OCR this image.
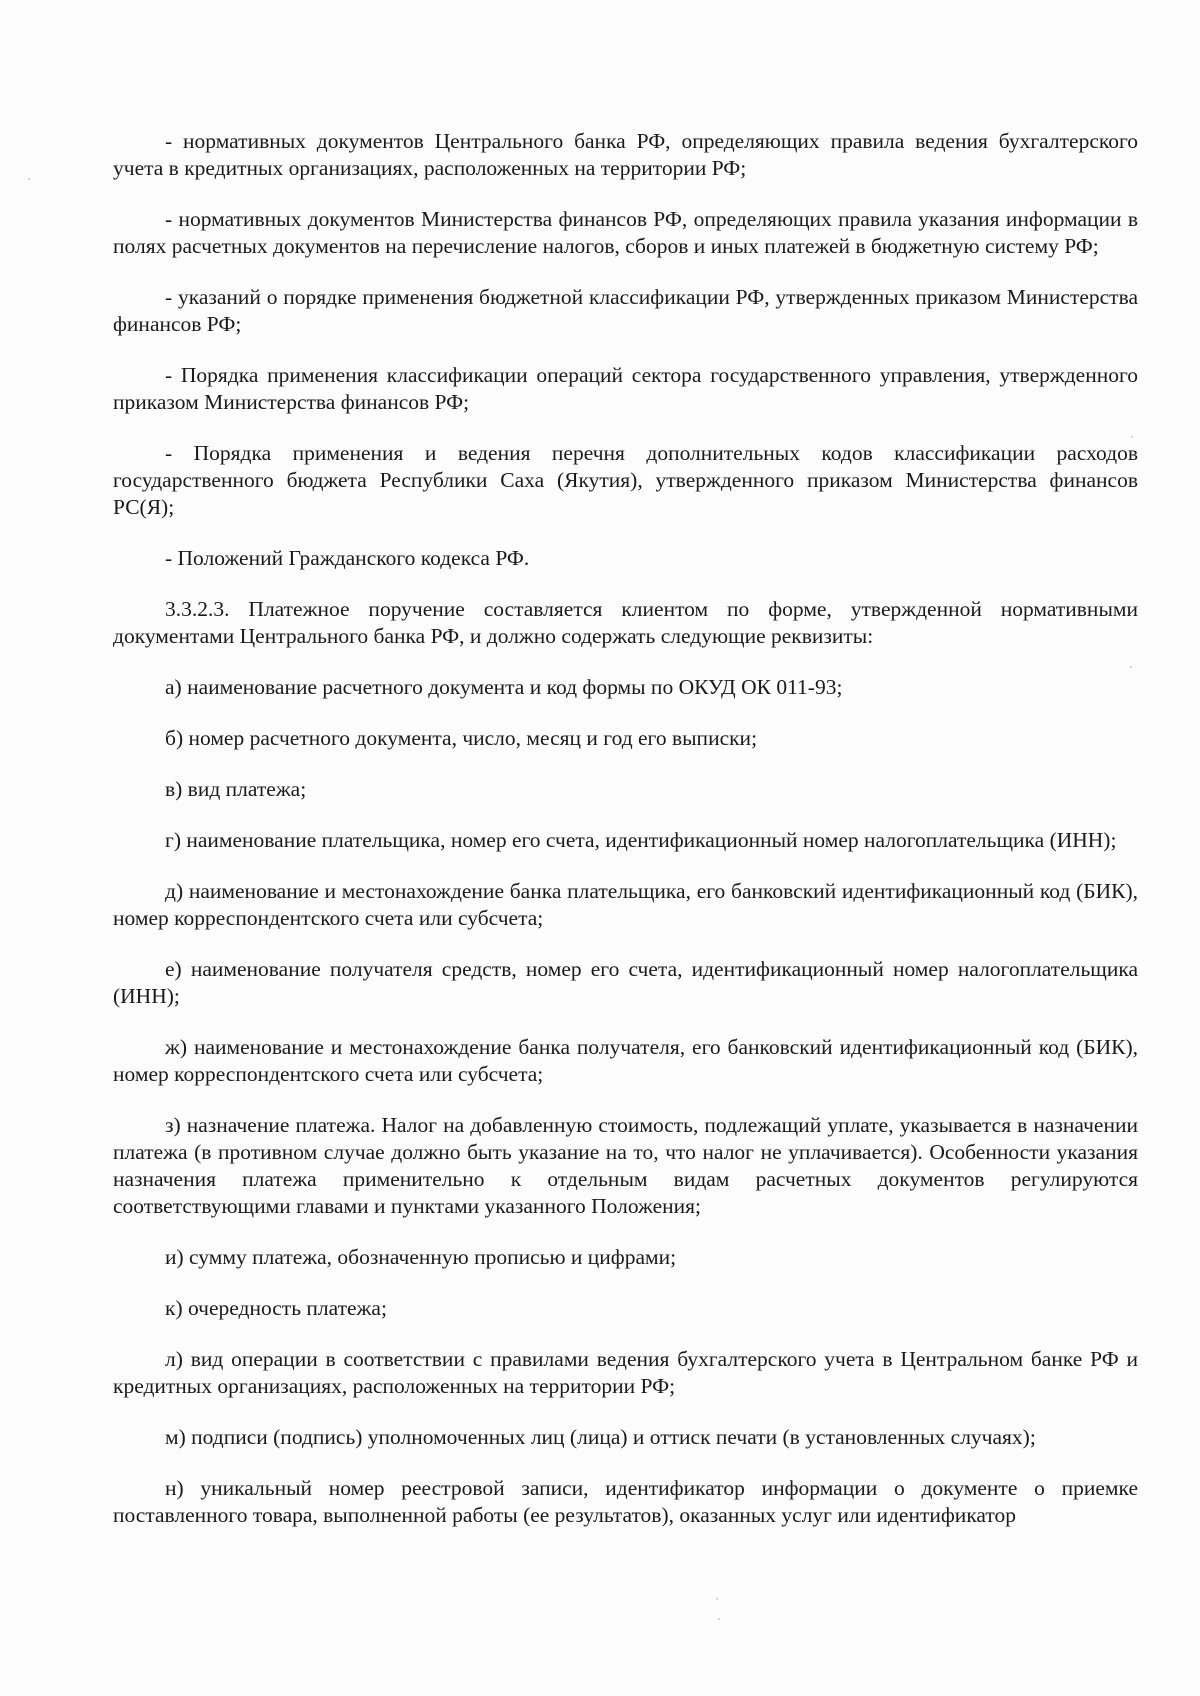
- нормативных документов Центрального банка РФ, определяющих правила ведения бухгалтерского учета в кредитных организациях, расположенных на территории РФ;

- нормативных документов Министерства финансов РФ, определяющих правила указания информации в полях расчетных документов на перечисление налогов, сборов и иных платежей в бюджетную систему РФ;

- указаний о порядке применения бюджетной классификации РФ, утвержденных приказом Министерства финансов РФ;

- Порядка применения классификации операций сектора государственного управления, утвержденного приказом Министерства финансов РФ;

- Порядка применения и ведения перечня дополнительных кодов классификации расходов государственного бюджета Республики Саха (Якутия), утвержденного приказом Министерства финансов РС(Я);

- Положений Гражданского кодекса РФ.

3.3.2.3. Платежное поручение составляется клиентом по форме, утвержденной нормативными документами Центрального банка РФ, и должно содержать следующие реквизиты:

а) наименование расчетного документа и код формы по ОКУД ОК 011-93;

б) номер расчетного документа, число, месяц и год его выписки;

в) вид платежа;

г) наименование плательщика, номер его счета, идентификационный номер налогоплательщика (ИНН);

д) наименование и местонахождение банка плательщика, его банковский идентификационный код (БИК), номер корреспондентского счета или субсчета;

е) наименование получателя средств, номер его счета, идентификационный номер налогоплательщика (ИНН);

ж) наименование и местонахождение банка получателя, его банковский идентификационный код (БИК), номер корреспондентского счета или субсчета;

з) назначение платежа. Налог на добавленную стоимость, подлежащий уплате, указывается в назначении платежа (в противном случае должно быть указание на то, что налог не уплачивается). Особенности указания назначения платежа применительно к отдельным видам расчетных документов регулируются соответствующими главами и пунктами указанного Положения;

и) сумму платежа, обозначенную прописью и цифрами;

к) очередность платежа;

л) вид операции в соответствии с правилами ведения бухгалтерского учета в Центральном банке РФ и кредитных организациях, расположенных на территории РФ;

м) подписи (подпись) уполномоченных лиц (лица) и оттиск печати (в установленных случаях);

н) уникальный номер реестровой записи, идентификатор информации о документе о приемке поставленного товара, выполненной работы (ее результатов), оказанных услуг или идентификатор
